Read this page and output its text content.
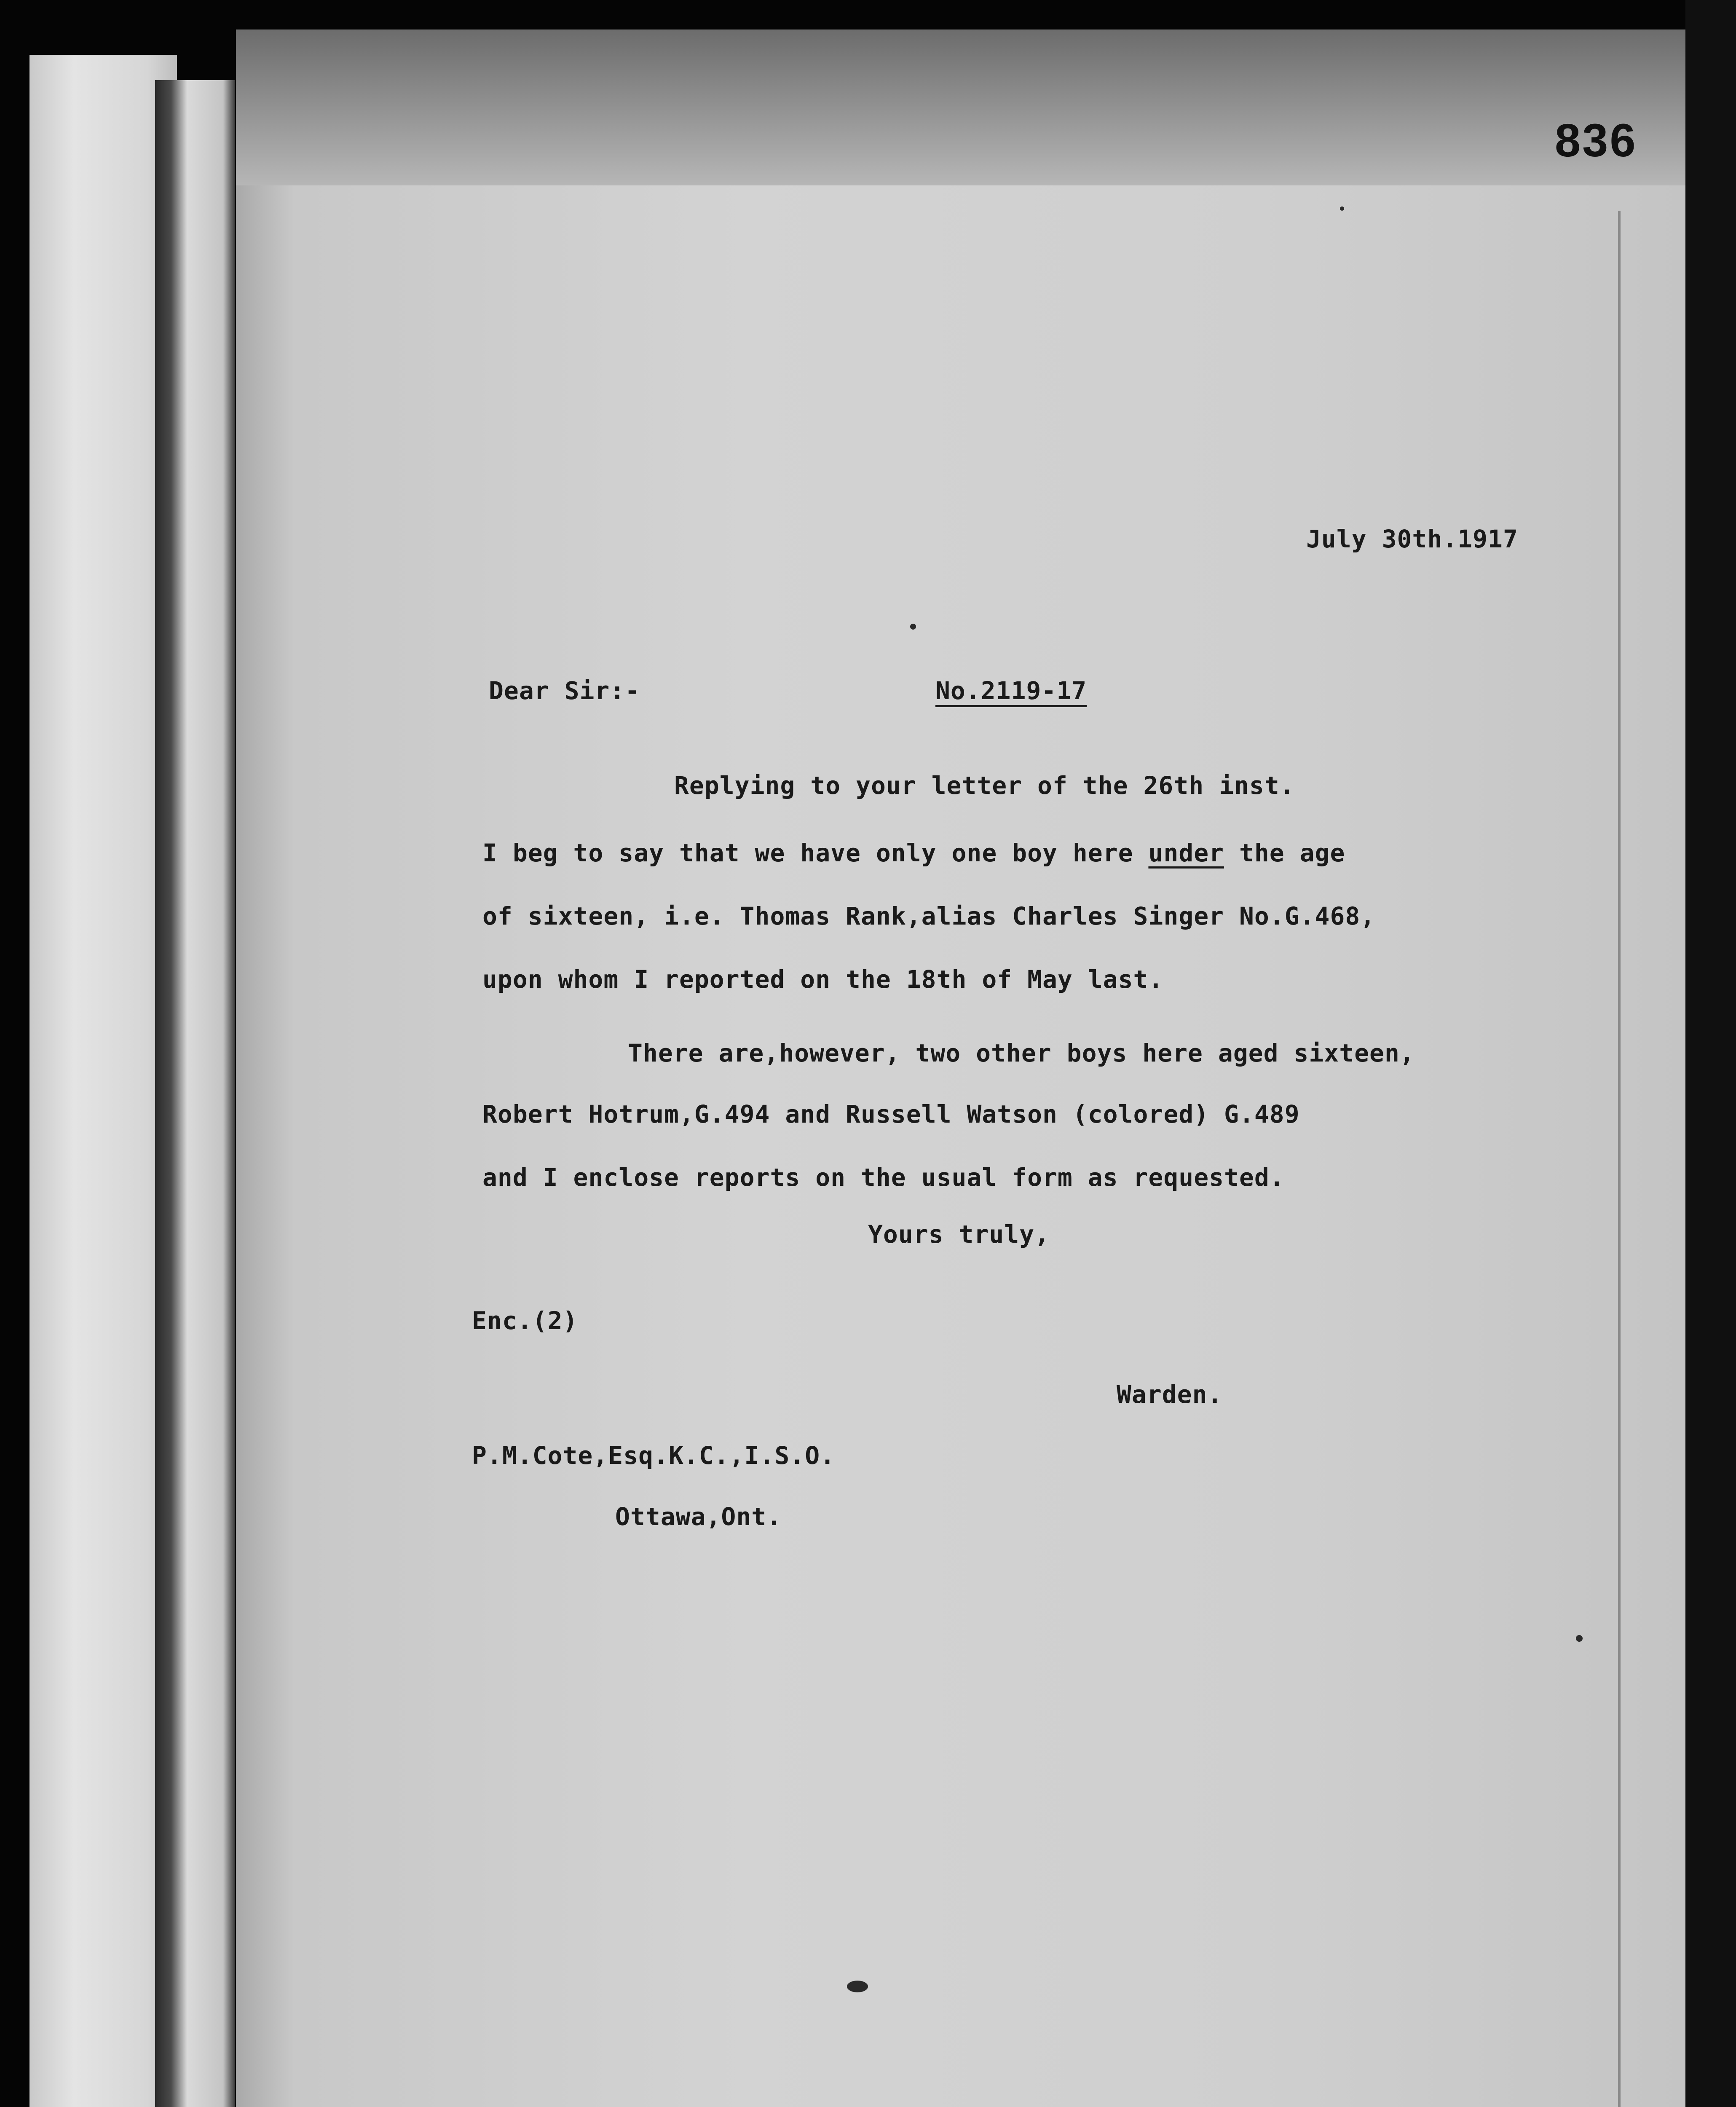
836
July 30th.1917
Dear Sir:-	No.2119-17
Replying to your letter of the 26th inst.
I beg to say that we have only one boy here under the age
of sixteen, i.e. Thomas Rank,alias Charles Singer No.G.468,
upon whom I reported on the 18th of May last.
There are,however, two other boys here aged sixteen,
Robert Hotrum,G.494 and Russell Watson (colored) G.489
and I enclose reports on the usual form as requested.
Yours truly,
Enc.(2)
Warden.
P.M.Cote,Esq.K.C.,I.S.O.
Ottawa,Ont.
